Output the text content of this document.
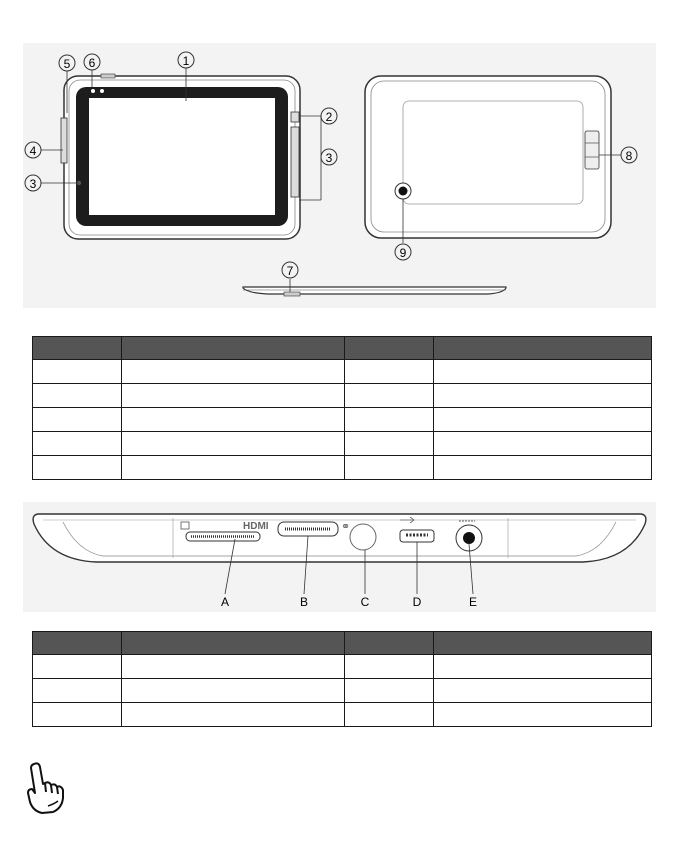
1
2
3
3
4
5 6
7
8
9

HDMI	⚭
A	B	C	D	E
